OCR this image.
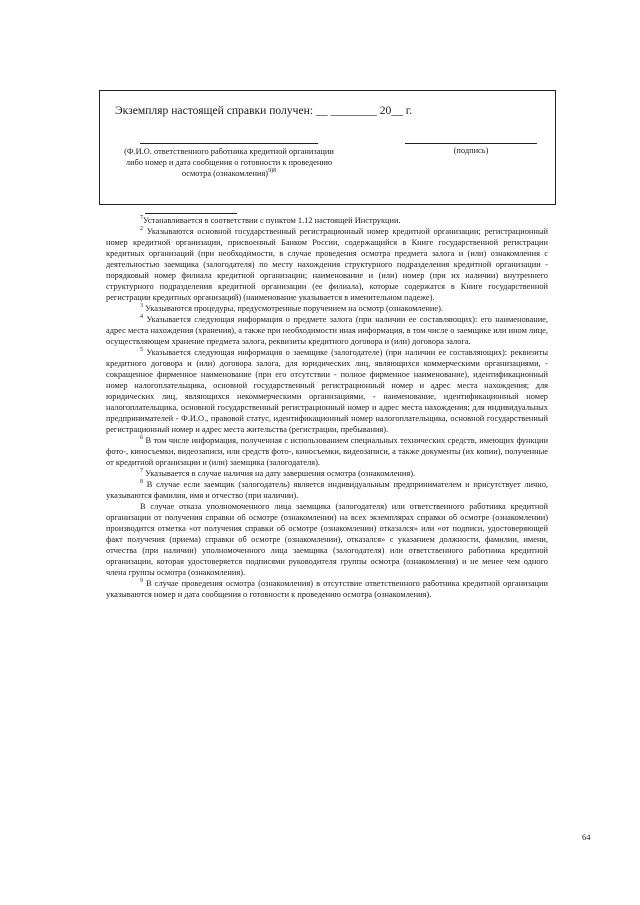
Экземпляр настоящей справки получен: __ ________ 20__ г.
(Ф.И.О. ответственного работника кредитной организации либо номер и дата сообщения о готовности к проведению осмотра (ознакомления)$^{9)8}$
(подпись)

$^7$Устанавливается в соответствии с пунктом 1.12 настоящей Инструкции.

$^2$ Указываются основной государственный регистрационный номер кредитной организации; регистрационный номер кредитной организации, присвоенный Банком России, содержащийся в Книге государственной регистрации кредитных организаций (при необходимости, в случае проведения осмотра предмета залога и (или) ознакомления с деятельностью заемщика (залогодателя) по месту нахождения структурного подразделения кредитной организации - порядковый номер филиала кредитной организации; наименование и (или) номер (при их наличии) внутреннего структурного подразделения кредитной организации (ее филиала), которые содержатся в Книге государственной регистрации кредитных организаций) (наименование указывается в именительном падеже).

$^3$ Указываются процедуры, предусмотренные поручением на осмотр (ознакомление).

$^4$ Указывается следующая информация о предмете залога (при наличии ее составляющих): его наименование, адрес места нахождения (хранения), а также при необходимости иная информация, в том числе о заемщике или ином лице, осуществляющем хранение предмета залога, реквизиты кредитного договора и (или) договора залога.

$^5$ Указывается следующая информация о заемщике (залогодателе) (при наличии ее составляющих): реквизиты кредитного договора и (или) договора залога, для юридических лиц, являющихся коммерческими организациями, - сокращенное фирменное наименование (при его отсутствии - полное фирменное наименование), идентификационный номер налогоплательщика, основной государственный регистрационный номер и адрес места нахождения; для юридических лиц, являющихся некоммерческими организациями, - наименование, идентификационный номер налогоплательщика, основной государственный регистрационный номер и адрес места нахождения; для индивидуальных предпринимателей - Ф.И.О., правовой статус, идентификационный номер налогоплательщика, основной государственный регистрационный номер и адрес места жительства (регистрации, пребывания).

$^6$ В том числе информация, полученная с использованием специальных технических средств, имеющих функции фото-, киносъемки, видеозаписи, или средств фото-, киносъемки, видеозаписи, а также документы (их копии), полученные от кредитной организации и (или) заемщика (залогодателя).

$^7$ Указывается в случае наличия на дату завершения осмотра (ознакомления).

$^8$ В случае если заемщик (залогодатель) является индивидуальным предпринимателем и присутствует лично, указываются фамилия, имя и отчество (при наличии).

В случае отказа уполномоченного лица заемщика (залогодателя) или ответственного работника кредитной организации от получения справки об осмотре (ознакомлении) на всех экземплярах справки об осмотре (ознакомлении) производится отметка «от получения справки об осмотре (ознакомлении) отказался» или «от подписи, удостоверяющей факт получения (приема) справки об осмотре (ознакомлении), отказался» с указанием должности, фамилии, имени, отчества (при наличии) уполномоченного лица заемщика (залогодателя) или ответственного работника кредитной организации, которая удостоверяется подписями руководителя группы осмотра (ознакомления) и не менее чем одного члена группы осмотра (ознакомления).

$^9$ В случае проведения осмотра (ознакомления) в отсутствие ответственного работника кредитной организации указываются номер и дата сообщения о готовности к проведению осмотра (ознакомления).

64
